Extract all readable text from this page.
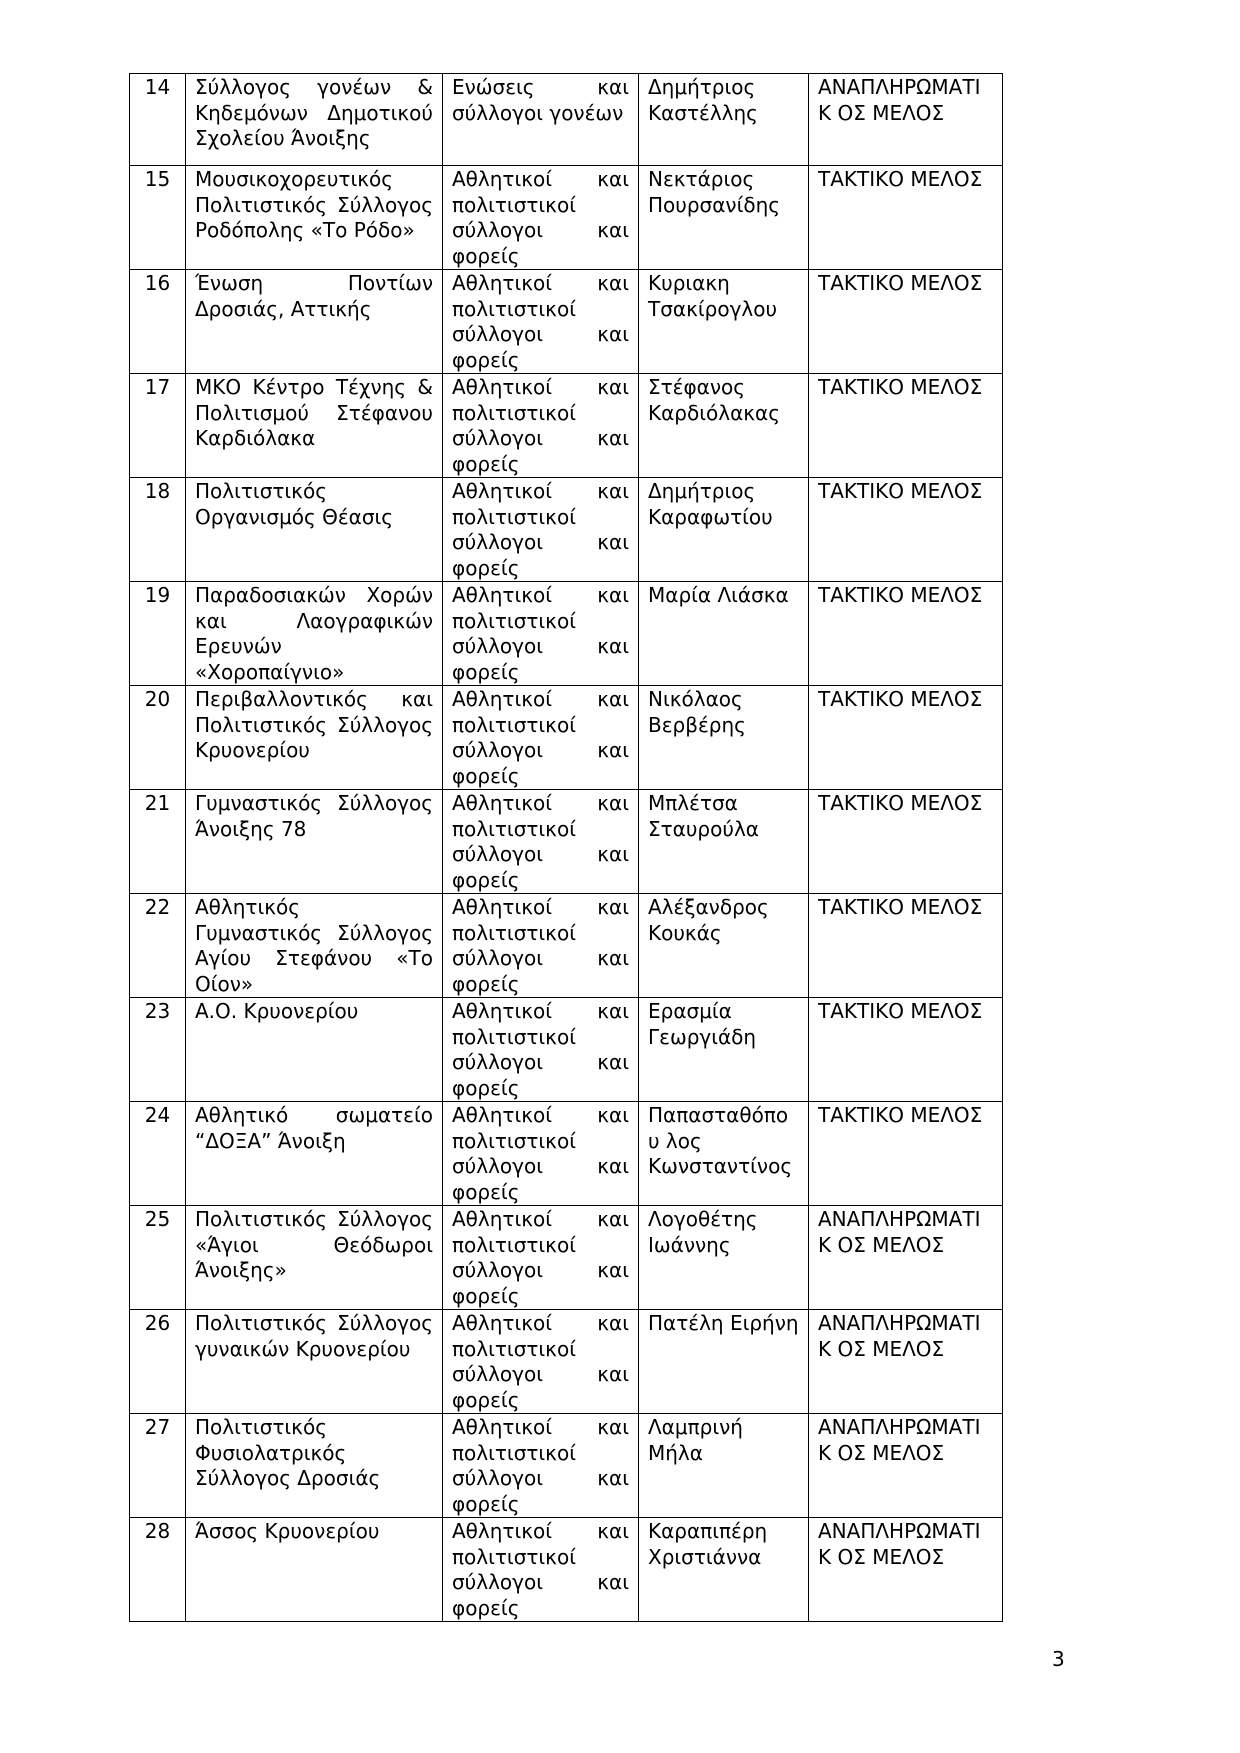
14	Σύλλογος γονέων & Κηδεμόνων Δημοτικού Σχολείου Άνοιξης	Ενώσεις και σύλλογοι γονέων	Δημήτριος Καστέλλης	ΑΝΑΠΛΗΡΩΜΑΤΙΚ ΟΣ ΜΕΛΟΣ
15	Μουσικοχορευτικός Πολιτιστικός Σύλλογος Ροδόπολης «Το Ρόδο»	Αθλητικοί και πολιτιστικοί σύλλογοι και φορείς	Νεκτάριος Πουρσανίδης	ΤΑΚΤΙΚΟ ΜΕΛΟΣ
16	Ένωση Ποντίων Δροσιάς, Αττικής	Αθλητικοί και πολιτιστικοί σύλλογοι και φορείς	Κυριακη Τσακίρογλου	ΤΑΚΤΙΚΟ ΜΕΛΟΣ
17	ΜΚΟ Κέντρο Τέχνης & Πολιτισμού Στέφανου Καρδιόλακα	Αθλητικοί και πολιτιστικοί σύλλογοι και φορείς	Στέφανος Καρδιόλακας	ΤΑΚΤΙΚΟ ΜΕΛΟΣ
18	Πολιτιστικός Οργανισμός Θέασις	Αθλητικοί και πολιτιστικοί σύλλογοι και φορείς	Δημήτριος Καραφωτίου	ΤΑΚΤΙΚΟ ΜΕΛΟΣ
19	Παραδοσιακών Χορών και Λαογραφικών Ερευνών «Χοροπαίγνιο»	Αθλητικοί και πολιτιστικοί σύλλογοι και φορείς	Μαρία Λιάσκα	ΤΑΚΤΙΚΟ ΜΕΛΟΣ
20	Περιβαλλοντικός και Πολιτιστικός Σύλλογος Κρυονερίου	Αθλητικοί και πολιτιστικοί σύλλογοι και φορείς	Νικόλαος Βερβέρης	ΤΑΚΤΙΚΟ ΜΕΛΟΣ
21	Γυμναστικός Σύλλογος Άνοιξης 78	Αθλητικοί και πολιτιστικοί σύλλογοι και φορείς	Μπλέτσα Σταυρούλα	ΤΑΚΤΙΚΟ ΜΕΛΟΣ
22	Αθλητικός Γυμναστικός Σύλλογος Αγίου Στεφάνου «Το Οίον»	Αθλητικοί και πολιτιστικοί σύλλογοι και φορείς	Αλέξανδρος Κουκάς	ΤΑΚΤΙΚΟ ΜΕΛΟΣ
23	Α.Ο. Κρυονερίου	Αθλητικοί και πολιτιστικοί σύλλογοι και φορείς	Ερασμία Γεωργιάδη	ΤΑΚΤΙΚΟ ΜΕΛΟΣ
24	Αθλητικό σωματείο “ΔΟΞΑ” Άνοιξη	Αθλητικοί και πολιτιστικοί σύλλογοι και φορείς	Παπασταθόπου λος Κωνσταντίνος	ΤΑΚΤΙΚΟ ΜΕΛΟΣ
25	Πολιτιστικός Σύλλογος «Άγιοι Θεόδωροι Άνοιξης»	Αθλητικοί και πολιτιστικοί σύλλογοι και φορείς	Λογοθέτης Ιωάννης	ΑΝΑΠΛΗΡΩΜΑΤΙΚ ΟΣ ΜΕΛΟΣ
26	Πολιτιστικός Σύλλογος γυναικών Κρυονερίου	Αθλητικοί και πολιτιστικοί σύλλογοι και φορείς	Πατέλη Ειρήνη	ΑΝΑΠΛΗΡΩΜΑΤΙΚ ΟΣ ΜΕΛΟΣ
27	Πολιτιστικός Φυσιολατρικός Σύλλογος Δροσιάς	Αθλητικοί και πολιτιστικοί σύλλογοι και φορείς	Λαμπρινή Μήλα	ΑΝΑΠΛΗΡΩΜΑΤΙΚ ΟΣ ΜΕΛΟΣ
28	Άσσος Κρυονερίου	Αθλητικοί και πολιτιστικοί σύλλογοι και φορείς	Καραπιπέρη Χριστιάννα	ΑΝΑΠΛΗΡΩΜΑΤΙΚ ΟΣ ΜΕΛΟΣ
3
